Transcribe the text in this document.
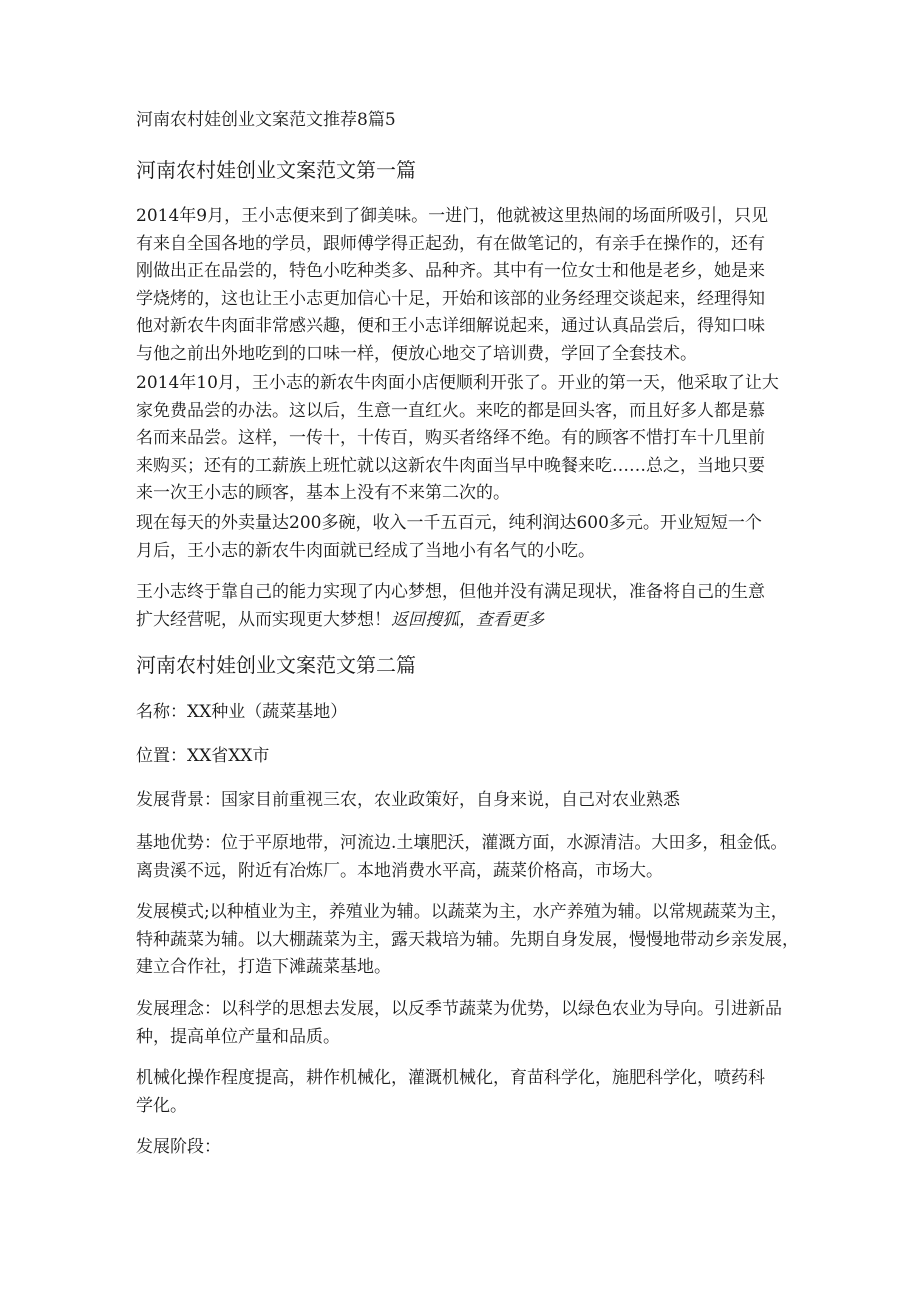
河南农村娃创业文案范文推荐8篇5
河南农村娃创业文案范文第一篇
2014年9月，王小志便来到了御美味。一进门，他就被这里热闹的场面所吸引，只见
有来自全国各地的学员，跟师傅学得正起劲，有在做笔记的，有亲手在操作的，还有
刚做出正在品尝的，特色小吃种类多、品种齐。其中有一位女士和他是老乡，她是来
学烧烤的，这也让王小志更加信心十足，开始和该部的业务经理交谈起来，经理得知
他对新农牛肉面非常感兴趣，便和王小志详细解说起来，通过认真品尝后，得知口味
与他之前出外地吃到的口味一样，便放心地交了培训费，学回了全套技术。
2014年10月，王小志的新农牛肉面小店便顺利开张了。开业的第一天，他采取了让大
家免费品尝的办法。这以后，生意一直红火。来吃的都是回头客，而且好多人都是慕
名而来品尝。这样，一传十，十传百，购买者络绎不绝。有的顾客不惜打车十几里前
来购买；还有的工薪族上班忙就以这新农牛肉面当早中晚餐来吃……总之，当地只要
来一次王小志的顾客，基本上没有不来第二次的。
现在每天的外卖量达200多碗，收入一千五百元，纯利润达600多元。开业短短一个
月后，王小志的新农牛肉面就已经成了当地小有名气的小吃。
王小志终于靠自己的能力实现了内心梦想，但他并没有满足现状，准备将自己的生意
扩大经营呢，从而实现更大梦想！返回搜狐，查看更多
河南农村娃创业文案范文第二篇
名称：XX种业（蔬菜基地）
位置：XX省XX市
发展背景：国家目前重视三农，农业政策好，自身来说，自己对农业熟悉
基地优势：位于平原地带，河流边.土壤肥沃，灌溉方面，水源清洁。大田多，租金低。
离贵溪不远，附近有冶炼厂。本地消费水平高，蔬菜价格高，市场大。
发展模式;以种植业为主，养殖业为辅。以蔬菜为主，水产养殖为辅。以常规蔬菜为主，
特种蔬菜为辅。以大棚蔬菜为主，露天栽培为辅。先期自身发展，慢慢地带动乡亲发展，
建立合作社，打造下滩蔬菜基地。
发展理念：以科学的思想去发展，以反季节蔬菜为优势，以绿色农业为导向。引进新品
种，提高单位产量和品质。
机械化操作程度提高，耕作机械化，灌溉机械化，育苗科学化，施肥科学化，喷药科
学化。
发展阶段：
